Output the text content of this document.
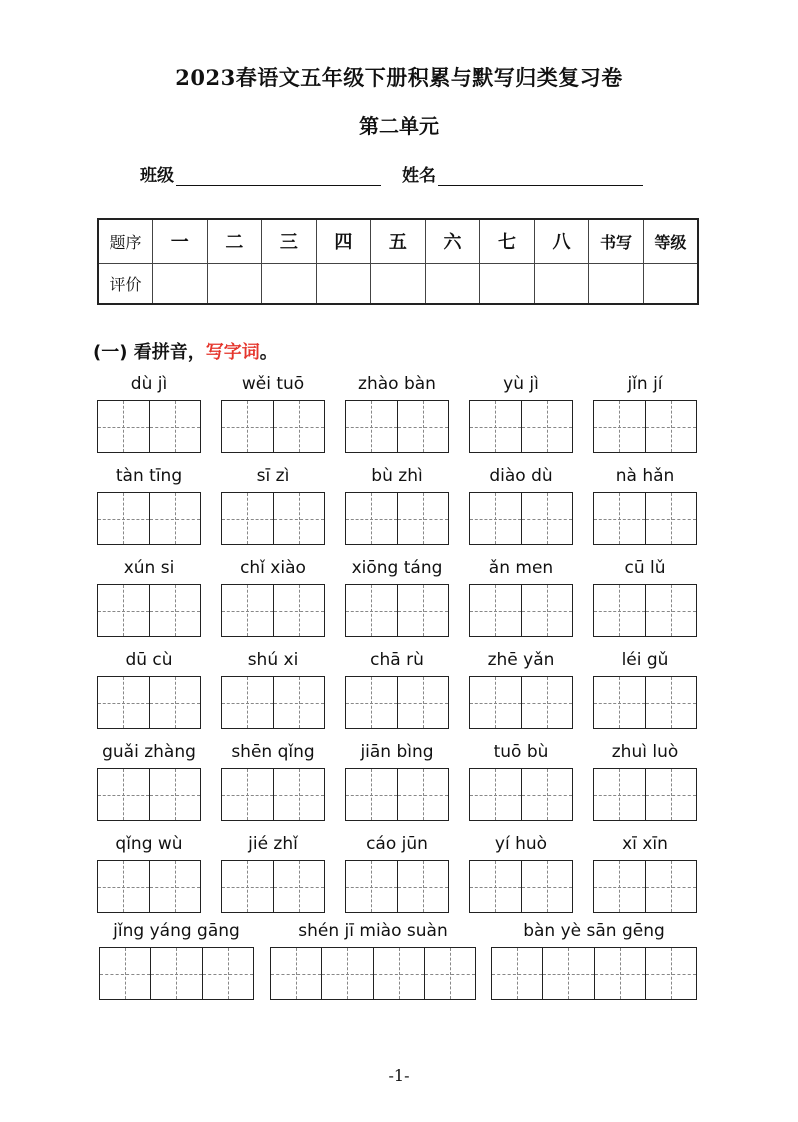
2023春语文五年级下册积累与默写归类复习卷
第二单元
班级	姓名
题序	一	二	三	四	五	六	七	八	书写	等级
评价										
(一) 看拼音，写字词。
dù jì	wěi tuō	zhào bàn	yù jì	jǐn jí
tàn tīng	sī zì	bù zhì	diào dù	nà hǎn
xún si	chǐ xiào	xiōng táng	ǎn men	cū lǔ
dū cù	shú xi	chā rù	zhē yǎn	léi gǔ
guǎi zhàng	shēn qǐng	jiān bìng	tuō bù	zhuì luò
qǐng wù	jié zhǐ	cáo jūn	yí huò	xī xīn
jǐng yáng gāng	shén jī miào suàn	bàn yè sān gēng
-1-
